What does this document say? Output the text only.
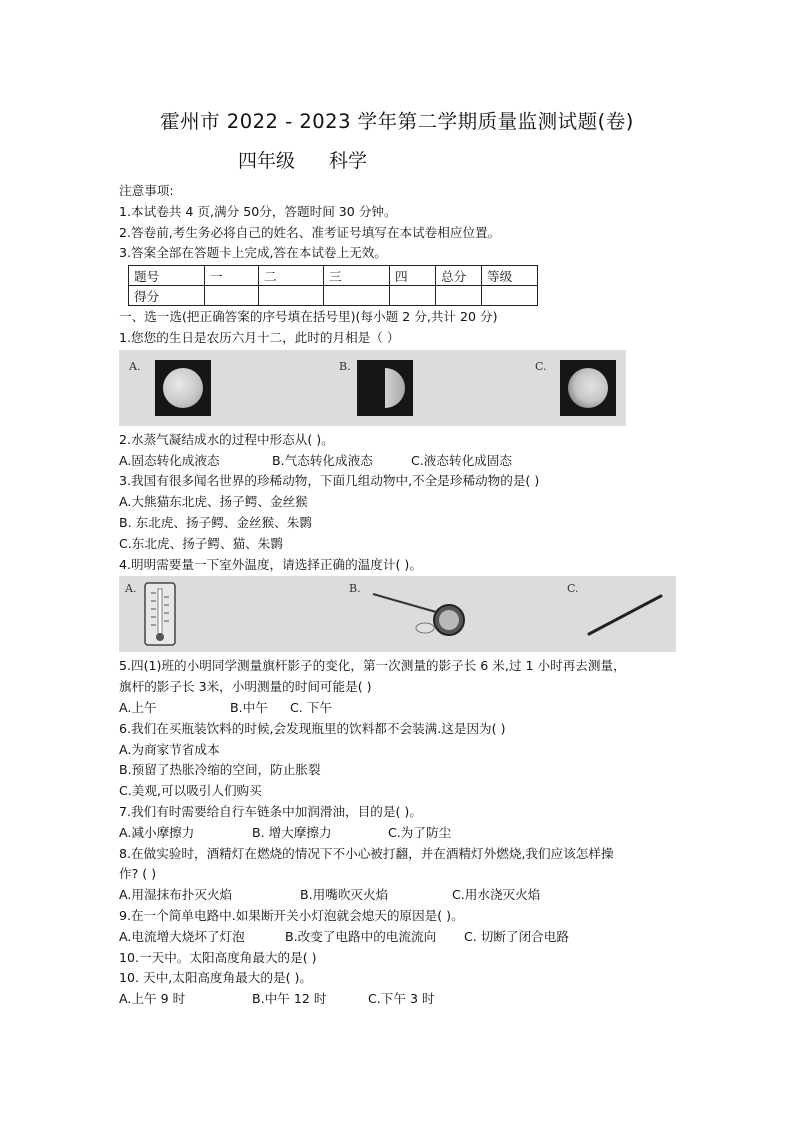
霍州市 2022 - 2023 学年第二学期质量监测试题(卷)
四年级 科学
注意事项:
1.本试卷共 4 页,满分 50分，答题时间 30 分钟。
2.答卷前,考生务必将自己的姓名、准考证号填写在本试卷相应位置。
3.答案全部在答题卡上完成,答在本试卷上无效。
题号	一	二	三	四	总分	等级
得分						
一、选一选(把正确答案的序号填在括号里)(每小题 2 分,共计 20 分)
1.您您的生日是农历六月十二，此时的月相是（ ）
A.	B.	C.
2.水蒸气凝结成水的过程中形态从( )。
A.固态转化成液态	B.气态转化成液态	C.液态转化成固态
3.我国有很多闻名世界的珍稀动物，下面几组动物中,不全是珍稀动物的是( )
A.大熊猫东北虎、扬子鳄、金丝猴
B. 东北虎、扬子鳄、金丝猴、朱鹮
C.东北虎、扬子鳄、猫、朱鹮
4.明明需要量一下室外温度，请选择正确的温度计( )。
A.	B.	C.
5.四(1)班的小明同学测量旗杆影子的变化，第一次测量的影子长 6 米,过 1 小时再去测量，
旗杆的影子长 3米，小明测量的时间可能是( )
A.上午	B.中午 C. 下午
6.我们在买瓶装饮料的时候,会发现瓶里的饮料都不会装满.这是因为( )
A.为商家节省成本
B.预留了热胀冷缩的空间，防止胀裂
C.美观,可以吸引人们购买
7.我们有时需要给自行车链条中加润滑油，目的是( )。
A.减小摩擦力	B. 增大摩擦力	C.为了防尘
8.在做实验时，酒精灯在燃烧的情况下不小心被打翻，并在酒精灯外燃烧,我们应该怎样操
作? ( )
A.用湿抹布扑灭火焰	B.用嘴吹灭火焰	C.用水浇灭火焰
9.在一个简单电路中.如果断开关小灯泡就会熄天的原因是( )。
A.电流增大烧坏了灯泡	B.改变了电路中的电流流向 C. 切断了闭合电路
10.一天中。太阳高度角最大的是( )
10. 天中,太阳高度角最大的是( )。
A.上午 9 时	B.中午 12 时	C.下午 3 时
